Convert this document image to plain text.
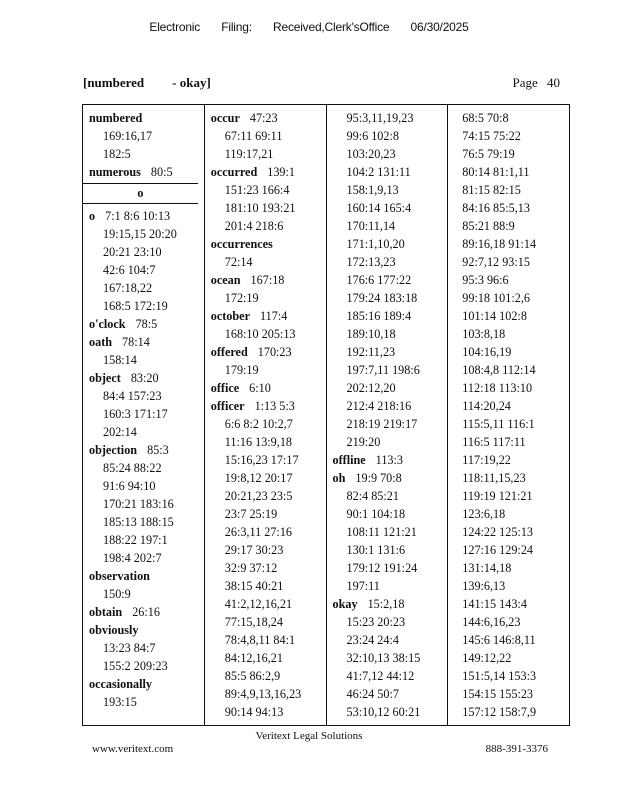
Electronic Filing: Received,Clerk'sOffice 06/30/2025
[numbered - okay]	Page 40
numbered
169:16,17
182:5
numerous 80:5
o
o 7:1 8:6 10:13
19:15,15 20:20
20:21 23:10
42:6 104:7
167:18,22
168:5 172:19
o'clock 78:5
oath 78:14
158:14
object 83:20
84:4 157:23
160:3 171:17
202:14
objection 85:3
85:24 88:22
91:6 94:10
170:21 183:16
185:13 188:15
188:22 197:1
198:4 202:7
observation
150:9
obtain 26:16
obviously
13:23 84:7
155:2 209:23
occasionally
193:15
occur 47:23
67:11 69:11
119:17,21
occurred 139:1
151:23 166:4
181:10 193:21
201:4 218:6
occurrences
72:14
ocean 167:18
172:19
october 117:4
168:10 205:13
offered 170:23
179:19
office 6:10
officer 1:13 5:3
6:6 8:2 10:2,7
11:16 13:9,18
15:16,23 17:17
19:8,12 20:17
20:21,23 23:5
23:7 25:19
26:3,11 27:16
29:17 30:23
32:9 37:12
38:15 40:21
41:2,12,16,21
77:15,18,24
78:4,8,11 84:1
84:12,16,21
85:5 86:2,9
89:4,9,13,16,23
90:14 94:13
95:3,11,19,23
99:6 102:8
103:20,23
104:2 131:11
158:1,9,13
160:14 165:4
170:11,14
171:1,10,20
172:13,23
176:6 177:22
179:24 183:18
185:16 189:4
189:10,18
192:11,23
197:7,11 198:6
202:12,20
212:4 218:16
218:19 219:17
219:20
offline 113:3
oh 19:9 70:8
82:4 85:21
90:1 104:18
108:11 121:21
130:1 131:6
179:12 191:24
197:11
okay 15:2,18
15:23 20:23
23:24 24:4
32:10,13 38:15
41:7,12 44:12
46:24 50:7
53:10,12 60:21
68:5 70:8
74:15 75:22
76:5 79:19
80:14 81:1,11
81:15 82:15
84:16 85:5,13
85:21 88:9
89:16,18 91:14
92:7,12 93:15
95:3 96:6
99:18 101:2,6
101:14 102:8
103:8,18
104:16,19
108:4,8 112:14
112:18 113:10
114:20,24
115:5,11 116:1
116:5 117:11
117:19,22
118:11,15,23
119:19 121:21
123:6,18
124:22 125:13
127:16 129:24
131:14,18
139:6,13
141:15 143:4
144:6,16,23
145:6 146:8,11
149:12,22
151:5,14 153:3
154:15 155:23
157:12 158:7,9
Veritext Legal Solutions
www.veritext.com	888-391-3376
